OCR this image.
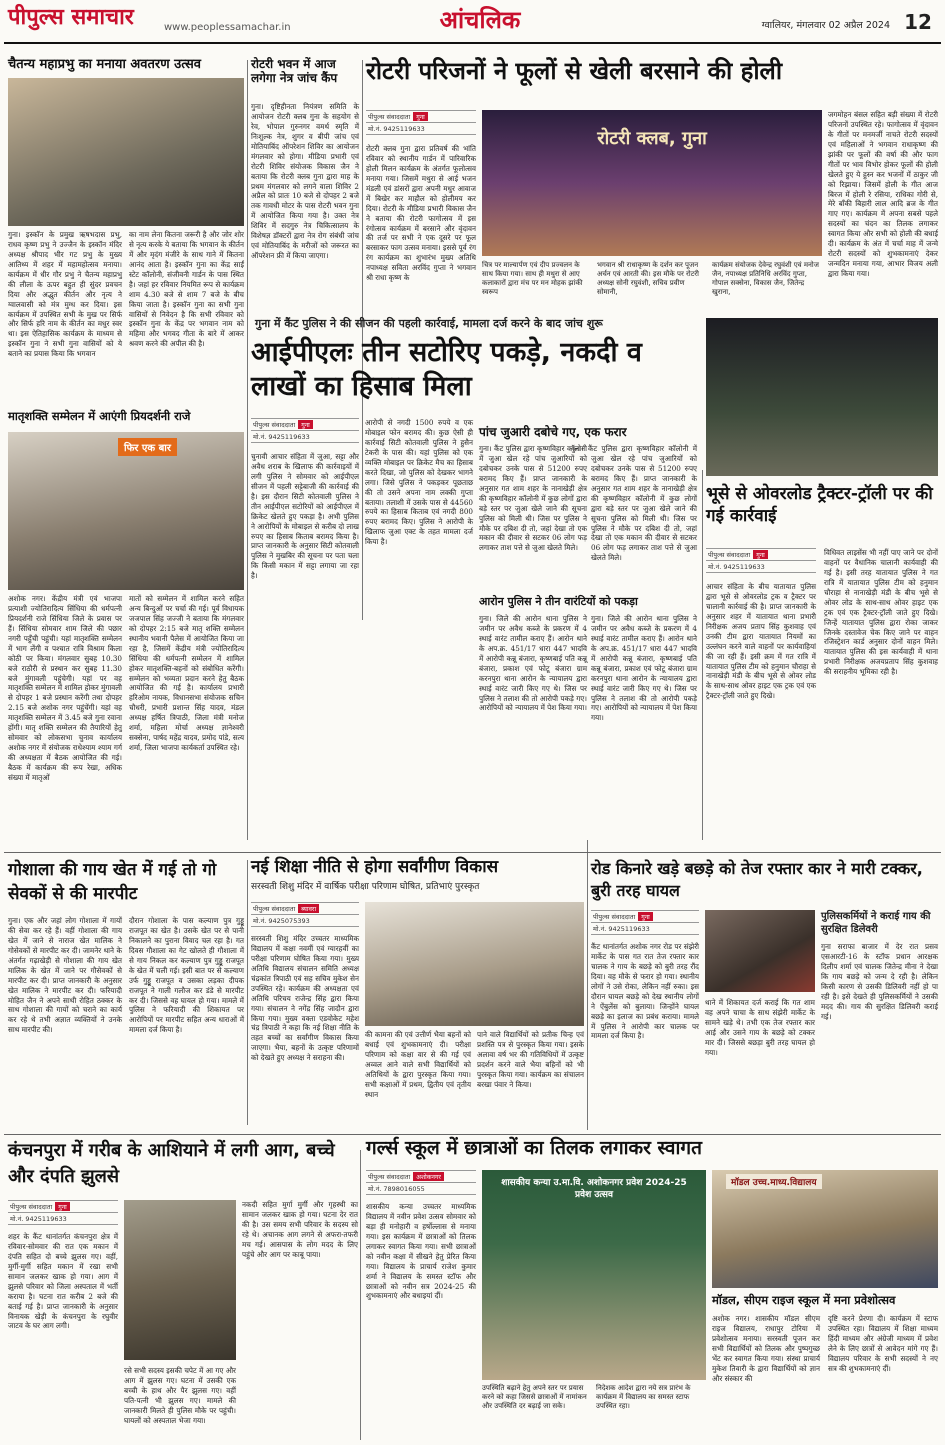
पीपुल्स समाचार	www.peoplessamachar.in	आंचलिक	ग्वालियर, मंगलवार 02 अप्रैल 2024 12
चैतन्य महाप्रभु का मनाया अवतरण उत्सव
गुना। इस्कॉन के प्रमुख ऋषभदास प्रभु, राधव कृष्ण प्रभु ने उज्जैन के इस्कॉन मंदिर अध्यक्ष श्रीपाद भीर गट प्रभु के मुख्य आतिथ्य में शहर में महामहोत्सव मनाया। कार्यक्रम में धीर गौर प्रभु ने चैतन्य महाप्रभु की लीला के ऊपर बहुत ही सुंदर प्रवचन दिया और अद्भुत कीर्तन और नृत्य ने ग्वालवासी को मंत्र मुग्ध कर दिया। इस कार्यक्रम में उपस्थित सभी के मुख पर सिर्फ और सिर्फ हरि नाम के कीर्तन का मधुर स्वर था। इस ऐतिहासिक कार्यक्रम के माध्यम से इस्कॉन गुना ने सभी गुना वासियों को ये बताने का प्रयास किया कि भगवान
का नाम लेना कितना जरूरी है और जोर शोर से नृत्य करके ये बताया कि भगवान के कीर्तन में और मृदंग मंजीरे के साथ गाने में कितना आनंद आता है। इस्कॉन गुना का केंद्र साईं स्टेट कॉलोनी, संजीवनी गार्डन के पास स्थित है। जहां हर रविवार नियमित रूप से कार्यक्रम शाम 4.30 बजे से शाम 7 बजे के बीच किया जाता है। इस्कॉन गुना का सभी गुना वासियों से निवेदन है कि सभी रविवार को इस्कॉन गुना के केंद्र पर भगवान नाम को महिमा और भगवद गीता के बारे में आकर श्रवण करने की अपील की है।
रोटरी भवन में आज लगेगा नेत्र जांच कैंप
गुना। दृष्टिहीनता नियंत्रण समिति के आयोजन रोटरी क्लब गुना के सहयोग से रेव, भोपाल गुरुनगर वमर्थ स्मृति में निःशुल्क नेत्र, शुगर व बीपी जांच एवं मोतियाबिंद ऑपरेशन शिविर का आयोजन मंगलवार को होगा। मीडिया प्रभारी एवं रोटरी शिविर संयोजक विकास जैन ने बताया कि रोटरी क्लब गुना द्वारा माह के प्रथम मंगलवार को लगने वाला शिविर 2 अप्रैल को प्रातः 10 बजे से दोपहर 2 बजे तक गावधी मोटर के पास रोटरी भवन गुना में आयोजित किया गया है। उक्त नेत्र शिविर में सदगुरु नेत्र चिकित्सालय के विशेषज्ञ डॉक्टरों द्वारा नेत्र रोग संबंधी जांच एवं मोतियाबिंद के मरीजों को जरूरत का ऑपरेशन फ्री में किया जाएगा।
रोटरी परिजनों ने फूलों से खेली बरसाने की होली
पीपुल्स संवाददाता गुना
मो.नं. 9425119633
रोटरी क्लब गुना द्वारा प्रतिवर्ष की भांति रविवार को स्थानीय गार्डन में पारिवारिक होली मिलन कार्यक्रम के अंतर्गत फूलोत्सव मनाया गया। जिसमें मथुरा से आई भजन मंडली एवं डांसरों द्वारा अपनी मधुर आवाज में बिखेर कर माहौल को होलीमय कर दिया। रोटरी के मीडिया प्रभारी विकास जैन ने बताया की रोटरी फागोत्सव में इस रंगोत्सव कार्यक्रम में बरसाने और वृंदावन की तर्ज पर सभी ने एक दूसरे पर फूल बरसाकर फाग उत्सव मनाया। इससे पूर्व रंग रंग कार्यक्रम का शुभारंभ मुख्य अतिथि नपाध्यक्ष सविता अरविंद गुप्ता ने भगवान श्री राधा कृष्ण के
रोटरी क्लब, गुना
चित्र पर माल्यार्पण एवं दीप प्रज्वलन के साथ किया गया। साथ ही मथुरा से आए कलाकारों द्वारा मंच पर मन मोहक झांकी स्वरूप
भगवान श्री राधाकृष्ण के दर्शन कर पूजन अर्चन एवं आरती की। इस मौके पर रोटरी अध्यक्ष सोनी रघुवंशी, सचिव प्रवीण सोमानी,
कार्यक्रम संयोजक देवेन्द्र रघुवंशी एवं मनोज जैन, नपाध्यक्ष प्रतिनिधि अरविंद गुप्ता, गोपाल सक्सेना, विकास जैन, जितेन्द्र खुराना,
जगमोहन बंसल सहित बड़ी संख्या में रोटरी परिजनों उपस्थित रहे। फागोत्सव में वृंदावन के गीतों पर मनमर्जी नाचते रोटरी सदस्यों एवं महिलाओं ने भगवान राधाकृष्ण की झांकी पर फूलों की वर्षा की और फाग गीतों पर भाव विभोर होकर फूलों की होली खेलते हुए ये हुस्न कर भजनों में ठाकुर जी को रिझाया। जिसमें होली के गीत आज बिरज में होली रे रसिया, राधिका गोरी से, मेरे बाँकी बिहारी लाल आदि ब्रज के गीत गाए गए। कार्यक्रम में अपना सबसे पहले सदस्यों का चंदन का तिलक लगाकर स्वागत किया और सभी को होली की बधाई दी। कार्यक्रम के अंत में चर्चा माह में जन्मे रोटरी सदस्यों को शुभकामनाएं देकर जन्मदिन मनाया गया, आभार विजय अली द्वारा किया गया।
मातृशक्ति सम्मेलन में आएंगी प्रियदर्शनी राजे
फिर एक बार
अशोक नगर। केंद्रीय मंत्री एवं भाजपा प्रत्याशी ज्योतिरादित्य सिंधिया की धर्मपत्नी प्रियदर्शनी राजे सिंधिया जिले के प्रवास पर हैं। सिंधिया सोमवार शाम जिले की पछार नगरी पहुँची पहुंची। यहां मातृशक्ति सम्मेलन में भाग लेंगी व पश्चात रात्रि विश्राम किला कोठी पर किया। मंगलवार सुबह 10.30 बजे राठौरी से प्रस्थान कर सुबह 11.30 बजे मुंगावली पहुंचेगी। यहां पर वह मातृशक्ति सम्मेलन में शामिल होकर मुंगावली से दोपहर 1 बजे प्रस्थान करेंगी तथा दोपहर 2.15 बजे अशोक नगर पहुंचेंगी। यहां वह मातृशक्ति सम्मेलन में 3.45 बजे गुना रवाना होंगी। मातृ शक्ति सम्मेलन की तैयारियों हेतु सोमवार को लोकसभा चुनाव कार्यालय अशोक नगर में संयोजक राधेश्याम श्याम गर्ग की अध्यक्षता में बैठक आयोजित की गई। बैठक में कार्यक्रम की रूप रेखा, अधिक संख्या में मातृओं
मातों को सम्मेलन में शामिल करने सहित अन्य बिन्दुओं पर चर्चा की गई। पूर्व विधायक जजपाल सिंह जज्जी ने बताया कि मंगलवार को दोपहर 2:15 बजे मातृ शक्ति सम्मेलन स्थानीय भवानी पैलेस में आयोजित किया जा रहा है, जिसमें केंद्रीय मंत्री ज्योतिरादित्य सिंधिया की धर्मपत्नी सम्मेलन में शामिल होकर मातृशक्ति-बहनों को संबोधित करेंगी। सम्मेलन को भव्यता प्रदान करने हेतु बैठक आयोजित की गई है। कार्यालय प्रभारी हरिओम नायक, विधानसभा संयोजक सचिन चौधरी, प्रभारी प्रशान्त सिंह यादव, मंडल अध्यक्ष हर्षित त्रिपाठी, जिला मंत्री मनोज शर्मा, महिला मोर्चा अध्यक्ष ज्ञानेश्वरी सक्सेना, पार्षद महेंद्र यादव, प्रमोद पांडे, सत्य शर्मा, जिला भाजपा कार्यकर्ता उपस्थित रहे।
गुना में कैंट पुलिस ने की सीजन की पहली कार्रवाई, मामला दर्ज करने के बाद जांच शुरू
आईपीएलः तीन सटोरिए पकड़े, नकदी व लाखों का हिसाब मिला
पीपुल्स संवाददाता गुना
मो.नं. 9425119633
चुनावी आचार संहिता में जुआ, सट्टा और अवैध शराब के खिलाफ की कार्रवाइयों में लगी पुलिस ने सोमवार को आईपीएल सीजन में पहली सट्टेबाजी की कार्रवाई की है। इस दौरान सिटी कोतवाली पुलिस ने तीन आईपीएल सटोरियों को आईपीएल में क्रिकेट खेलते हुए पकड़ा है। अभी पुलिस ने आरोपियों के मोबाइल से करीब दो लाख रुपए का हिसाब किताब बरामद किया है। प्राप्त जानकारी के अनुसार सिटी कोतवाली पुलिस ने मुखबिर की सूचना पर पता चला कि किसी मकान में सट्टा लगाया जा रहा है।
आरोपी से नगदी 1500 रुपये व एक मोबाइल फोन बरामद की। कुछ ऐसी ही कार्रवाई सिटी कोतवाली पुलिस ने हुसैन टेकरी के पास की। यहां पुलिस को एक व्यक्ति मोबाइल पर क्रिकेट मैच का हिसाब करते दिखा, जो पुलिस को देखकर भागने लगा। जिसे पुलिस ने पकड़कर पूछताछ की तो उसने अपना नाम लक्की गुप्ता बताया। तलाशी में उसके पास से 44560 रुपये का हिसाब किताब एवं नगदी 800 रुपए बरामद किए। पुलिस ने आरोपी के खिलाफ जुआ एक्ट के तहत मामला दर्ज किया है।
पांच जुआरी दबोचे गए, एक फरार
गुना। कैंट पुलिस द्वारा कृष्णविहार कॉलोनी में जुआ खेल रहे पांच जुआरियों को दबोचकर उनके पास से 51200 रुपए बरामद किए हैं। प्राप्त जानकारी के अनुसार गत शाम शहर के नानाखेड़ी क्षेत्र की कृष्णविहार कॉलोनी में कुछ लोगों द्वारा बड़े स्तर पर जुआ खेले जाने की सूचना पुलिस को मिली थी। जिस पर पुलिस ने मौके पर दबिश दी तो, जहां देखा तो एक मकान की दीवार से सटकर 06 लोग फड़ लगाकर ताश पत्ते से जुआ खेलते मिले।
गुना। कैंट पुलिस द्वारा कृष्णविहार कॉलोनी में जुआ खेल रहे पांच जुआरियों को दबोचकर उनके पास से 51200 रुपए बरामद किए हैं। प्राप्त जानकारी के अनुसार गत शाम शहर के नानाखेड़ी क्षेत्र की कृष्णविहार कॉलोनी में कुछ लोगों द्वारा बड़े स्तर पर जुआ खेले जाने की सूचना पुलिस को मिली थी। जिस पर पुलिस ने मौके पर दबिश दी तो, जहां देखा तो एक मकान की दीवार से सटकर 06 लोग फड़ लगाकर ताश पत्ते से जुआ खेलते मिले।
आरोन पुलिस ने तीन वारंटियों को पकड़ा
गुना। जिले की आरोन थाना पुलिस ने जमीन पर अवैध कब्जे के प्रकरण में 4 स्थाई वारंट तामील कराए हैं। आरोन थाने के अप.क्र. 451/17 धारा 447 भादवि में आरोपी कन्नू बंजारा, कृष्णबाई पति कन्नू बंजारा, प्रकाश एवं फोटू बंजारा ग्राम करनपुरा थाना आरोन के न्यायालय द्वारा स्थाई वारंट जारी किए गए थे। जिस पर पुलिस ने तलाश की तो आरोपी पकड़े गए। आरोपियों को न्यायालय में पेश किया गया।
गुना। जिले की आरोन थाना पुलिस ने जमीन पर अवैध कब्जे के प्रकरण में 4 स्थाई वारंट तामील कराए हैं। आरोन थाने के अप.क्र. 451/17 धारा 447 भादवि में आरोपी कन्नू बंजारा, कृष्णबाई पति कन्नू बंजारा, प्रकाश एवं फोटू बंजारा ग्राम करनपुरा थाना आरोन के न्यायालय द्वारा स्थाई वारंट जारी किए गए थे। जिस पर पुलिस ने तलाश की तो आरोपी पकड़े गए। आरोपियों को न्यायालय में पेश किया गया।
भूसे से ओवरलोड ट्रैक्टर-ट्रॉली पर की गई कार्रवाई
पीपुल्स संवाददाता गुना
मो.नं. 9425119633
आचार संहिता के बीच यातायात पुलिस द्वारा भूसे से ओवरलोड ट्रक व ट्रैक्टर पर चालानी कार्रवाई की है। प्राप्त जानकारी के अनुसार शहर में यातायात थाना प्रभारी निरीक्षक अजय प्रताप सिंह कुशवाह एवं उनकी टीम द्वारा यातायात नियमों का उल्लंघन करने वाले वाहनों पर कार्यवाहियां की जा रही हैं। इसी क्रम में गत रात्रि में यातायात पुलिस टीम को हनुमान चौराहा से नानाखेड़ी मंडी के बीच भूसे से ओवर लोड के साथ-साथ ओवर हाइट एक ट्रक एवं एक ट्रैक्टर-ट्रॉली जाते हुए दिखे।
विधिवत लाइसेंस भी नहीं पाए जाने पर दोनों वाहनों पर वैधानिक चालानी कार्यवाही की गई है। इसी तरह यातायात पुलिस ने गत रात्रि में यातायात पुलिस टीम को हनुमान चौराहा से नानाखेड़ी मंडी के बीच भूसे से ओवर लोड के साथ-साथ ओवर हाइट एक ट्रक एवं एक ट्रैक्टर-ट्रॉली जाते हुए दिखे। जिन्हें यातायात पुलिस द्वारा रोका जाकर जिनके दस्तावेज चेक किए जाने पर वाहन रजिस्ट्रेशन कार्ड अनुसार दोनों वाहन मिले। यातायात पुलिस की इस कार्यवाही में थाना प्रभारी निरीक्षक अजयप्रताप सिंह कुशवाह की सराहनीय भूमिका रही है।
गोशाला की गाय खेत में गई तो गो सेवकों से की मारपीट
गुना। एक और जहां लोग गोशाला में गायों की सेवा कर रहे हैं। वहीं गोशाला की गाय खेत में जाने से नाराज खेत मालिक ने गोसेवकों से मारपीट कर दी। जामनेर थाने के अंतर्गत गढ़ाखेड़ी से गोशाला की गाय खेत मालिक के खेत में जाने पर गौसेवकों से मारपीट कर दी। प्राप्त जानकारी के अनुसार खेत मालिक ने मारपीट कर दी। फरियादी मोहित जैन ने अपने साथी रोहित ठक्कर के साथ गोशाला की गायों को चराने का कार्य कर रहे थे तभी अज्ञात व्यक्तियों ने उनके साथ मारपीट की।
दौरान गोशाला के पास कल्याण पुत्र गुड्डू राजपूत का खेत है। उसके खेत पर से पानी निकालने का पुराना विवाद चल रहा है। गत दिवस गौशाला का गेट खोलते ही गौशाला में से गाय निकल कर कल्याण पुत्र गुड्डू राजपूत के खेत में चली गई। इसी बात पर से कल्याण उर्फ गुड्डू राजपूत व उसका लड़का दीपक राजपूत ने गाली गलौज कर डंडे से मारपीट कर दी। जिससे वह घायल हो गया। मामले में पुलिस ने फरियादी की शिकायत पर आरोपियों पर मारपीट सहित अन्य धाराओं में मामला दर्ज किया है।
नई शिक्षा नीति से होगा सर्वांगीण विकास
सरस्वती शिशु मंदिर में वार्षिक परीक्षा परिणाम घोषित, प्रतिभाएं पुरस्कृत
पीपुल्स संवाददाता ब्यावरा
मो.नं. 9425075393
सरस्वती शिशु मंदिर उच्चतर माध्यमिक विद्यालय में कक्षा नवमीं एवं ग्यारहवीं का परीक्षा परिणाम घोषित किया गया। मुख्य अतिथि विद्यालय संचालन समिति अध्यक्ष चंद्रकांत त्रिपाठी एवं सह सचिव मुकेश सेन उपस्थित रहे। कार्यक्रम की अध्यक्षता एवं अतिथि परिचय राजेन्द्र सिंह द्वारा किया गया। संचालन ने नगेंद्र सिंह जादौन द्वारा किया गया। मुख्य वक्ता एडवोकेट महेश चंद्र त्रिपाठी ने कहा कि नई शिक्षा नीति के तहत बच्चों का सर्वांगीण विकास किया जाएगा। भैया, बहनों के उत्कृष्ट परिणामों को देखते हुए अध्यक्ष ने सराहना की।
की कामना की एवं उत्तीर्ण भैया बहनों को बधाई एवं शुभकामनाएं दी। परीक्षा परिणाम को कक्षा वार से की गई एवं अव्वल आने वाले सभी विद्यार्थियों को अतिथियों के द्वारा पुरस्कृत किया गया। सभी कक्षाओं में प्रथम, द्वितीय एवं तृतीय स्थान
पाने वाले विद्यार्थियों को प्रतीक चिन्ह एवं प्रशस्ति पत्र से पुरस्कृत किया गया। इसके अलावा वर्ष भर की गतिविधियों में उत्कृष्ट प्रदर्शन करने वाले भैया बहिनों को भी पुरस्कृत किया गया। कार्यक्रम का संचालन बरखा पंवार ने किया।
रोड किनारे खड़े बछड़े को तेज रफ्तार कार ने मारी टक्कर, बुरी तरह घायल
पीपुल्स संवाददाता गुना
मो.नं. 9425119633
कैंट थानांतर्गत अशोक नगर रोड पर संझेरी मार्केट के पास गत रात तेज रफ्तार कार चालक ने गाय के बछड़े को बुरी तरह रौंद दिया। वह मौके से फरार हो गया। स्थानीय लोगों ने उसे रोका, लेकिन नहीं रुका। इस दौरान घायल बछड़े को देख स्थानीय लोगों ने ऐंबुलेंस को बुलाया। जिन्होंने घायल बछड़े का इलाज का प्रबंध कराया। मामले में पुलिस ने आरोपी कार चालक पर मामला दर्ज किया है।
थाने में शिकायत दर्ज कराई कि गत शाम वह अपने चाचा के साथ संझेरी मार्केट के सामने खड़े थे। तभी एक तेज रफ्तार कार आई और उसने गाय के बछड़े को टक्कर मार दी। जिससे बछड़ा बुरी तरह घायल हो गया।
पुलिसकर्मियों ने कराई गाय की सुरक्षित डिलेवरी
गुना सराफा बाजार में देर रात प्रसव एसआरटी-16 के स्टॉफ प्रधान आरक्षक दिलीप शर्मा एवं चालक जितेन्द्र मीना ने देखा कि गाय बछड़े को जन्म दे रही है। लेकिन किसी कारण से उसकी डिलिवरी नहीं हो पा रही है। इसे देखते ही पुलिसकर्मियों ने उसकी मदद की। गाय की सुरक्षित डिलिवरी कराई गई।
कंचनपुरा में गरीब के आशियाने में लगी आग, बच्चे और दंपति झुलसे
पीपुल्स संवाददाता गुना
मो.नं. 9425119633
शहर के कैंट थानांतर्गत कंचनपुरा क्षेत्र में रविवार-सोमवार की रात एक मकान में दंपति सहित दो बच्चे झुलस गए। वहीं, मुर्गी-मुर्गी सहित मकान में रखा सभी सामान जलकर खाक हो गया। आग में झुलसे परिवार को जिला अस्पताल में भर्ती कराया है। घटना रात करीब 2 बजे की बताई गई है। प्राप्त जानकारी के अनुसार विनायक खेड़ी के कंचनपुरा के रघुवीर जाटव के घर आग लगी।
रसे सभी सदस्य इसकी चपेट में आ गए और आग में झुलस गए। घटना में उसकी एक बच्ची के हाथ और पैर झुलस गए। वहीं पति-पत्नी भी झुलस गए। मामले की जानकारी मिलते ही पुलिस मौके पर पहुंची। घायलों को अस्पताल भेजा गया।
नकदी सहित मुर्गा मुर्गी और गृहस्थी का सामान जलकर खाक हो गया। घटना देर रात की है। उस समय सभी परिवार के सदस्य सो रहे थे। अचानक आग लगने से अफरा-तफरी मच गई। आसपास के लोग मदद के लिए पहुंचे और आग पर काबू पाया।
गर्ल्स स्कूल में छात्राओं का तिलक लगाकर स्वागत
पीपुल्स संवाददाता अशोकनगर
मो.नं. 7898016055
शासकीय कन्या उच्चतर माध्यमिक विद्यालय में नवीन प्रवेश उत्सव सोमवार को बड़ा ही मनोहारी व हर्षोल्लास से मनाया गया। इस कार्यक्रम में छात्राओं को तिलक लगाकर स्वागत किया गया। सभी छात्राओं को नवीन कक्षा में सीखने हेतु प्रेरित किया गया। विद्यालय के प्राचार्य राजेश कुमार शर्मा ने विद्यालय के समस्त स्टॉफ और छात्राओं को नवीन सत्र 2024-25 की शुभकामनाएं और बधाइयां दीं।
शासकीय कन्या उ.मा.वि. अशोकनगर प्रवेश 2024-25 प्रवेश उत्सव
उपस्थिति बढ़ाने हेतु अपने स्तर पर प्रयास करने को कहा जिससे छात्राओं में नामांकन और उपस्थिति दर बढ़ाई जा सके।
निदेशक आदेश द्वारा नये सत्र प्रारंभ के कार्यक्रम में विद्यालय का समस्त स्टाफ उपस्थित रहा।
मॉडल उच्च.माध्य.विद्यालय
मॉडल, सीएम राइज स्कूल में मना प्रवेशोत्सव
अशोक नगर। शासकीय मॉडल सीएम राइज विद्यालय, राधापुर टोरिया में प्रवेशोत्सव मनाया। सरस्वती पूजन कर सभी विद्यार्थियों को तिलक और पुष्पगुच्छ भेंट कर स्वागत किया गया। संस्था प्राचार्य मुकेश तिवारी के द्वारा विद्यार्थियों को ज्ञान और संस्कार की
दृष्टि करने प्रेरणा दी। कार्यक्रम में स्टाफ उपस्थित रहा। विद्यालय में शिक्षा माध्यम हिंदी माध्यम और अंग्रेजी माध्यम में प्रवेश लेने के लिए छात्रों से आवेदन मांगे गए हैं। विद्यालय परिवार के सभी सदस्यों ने नए सत्र की शुभकामनाएं दीं।
